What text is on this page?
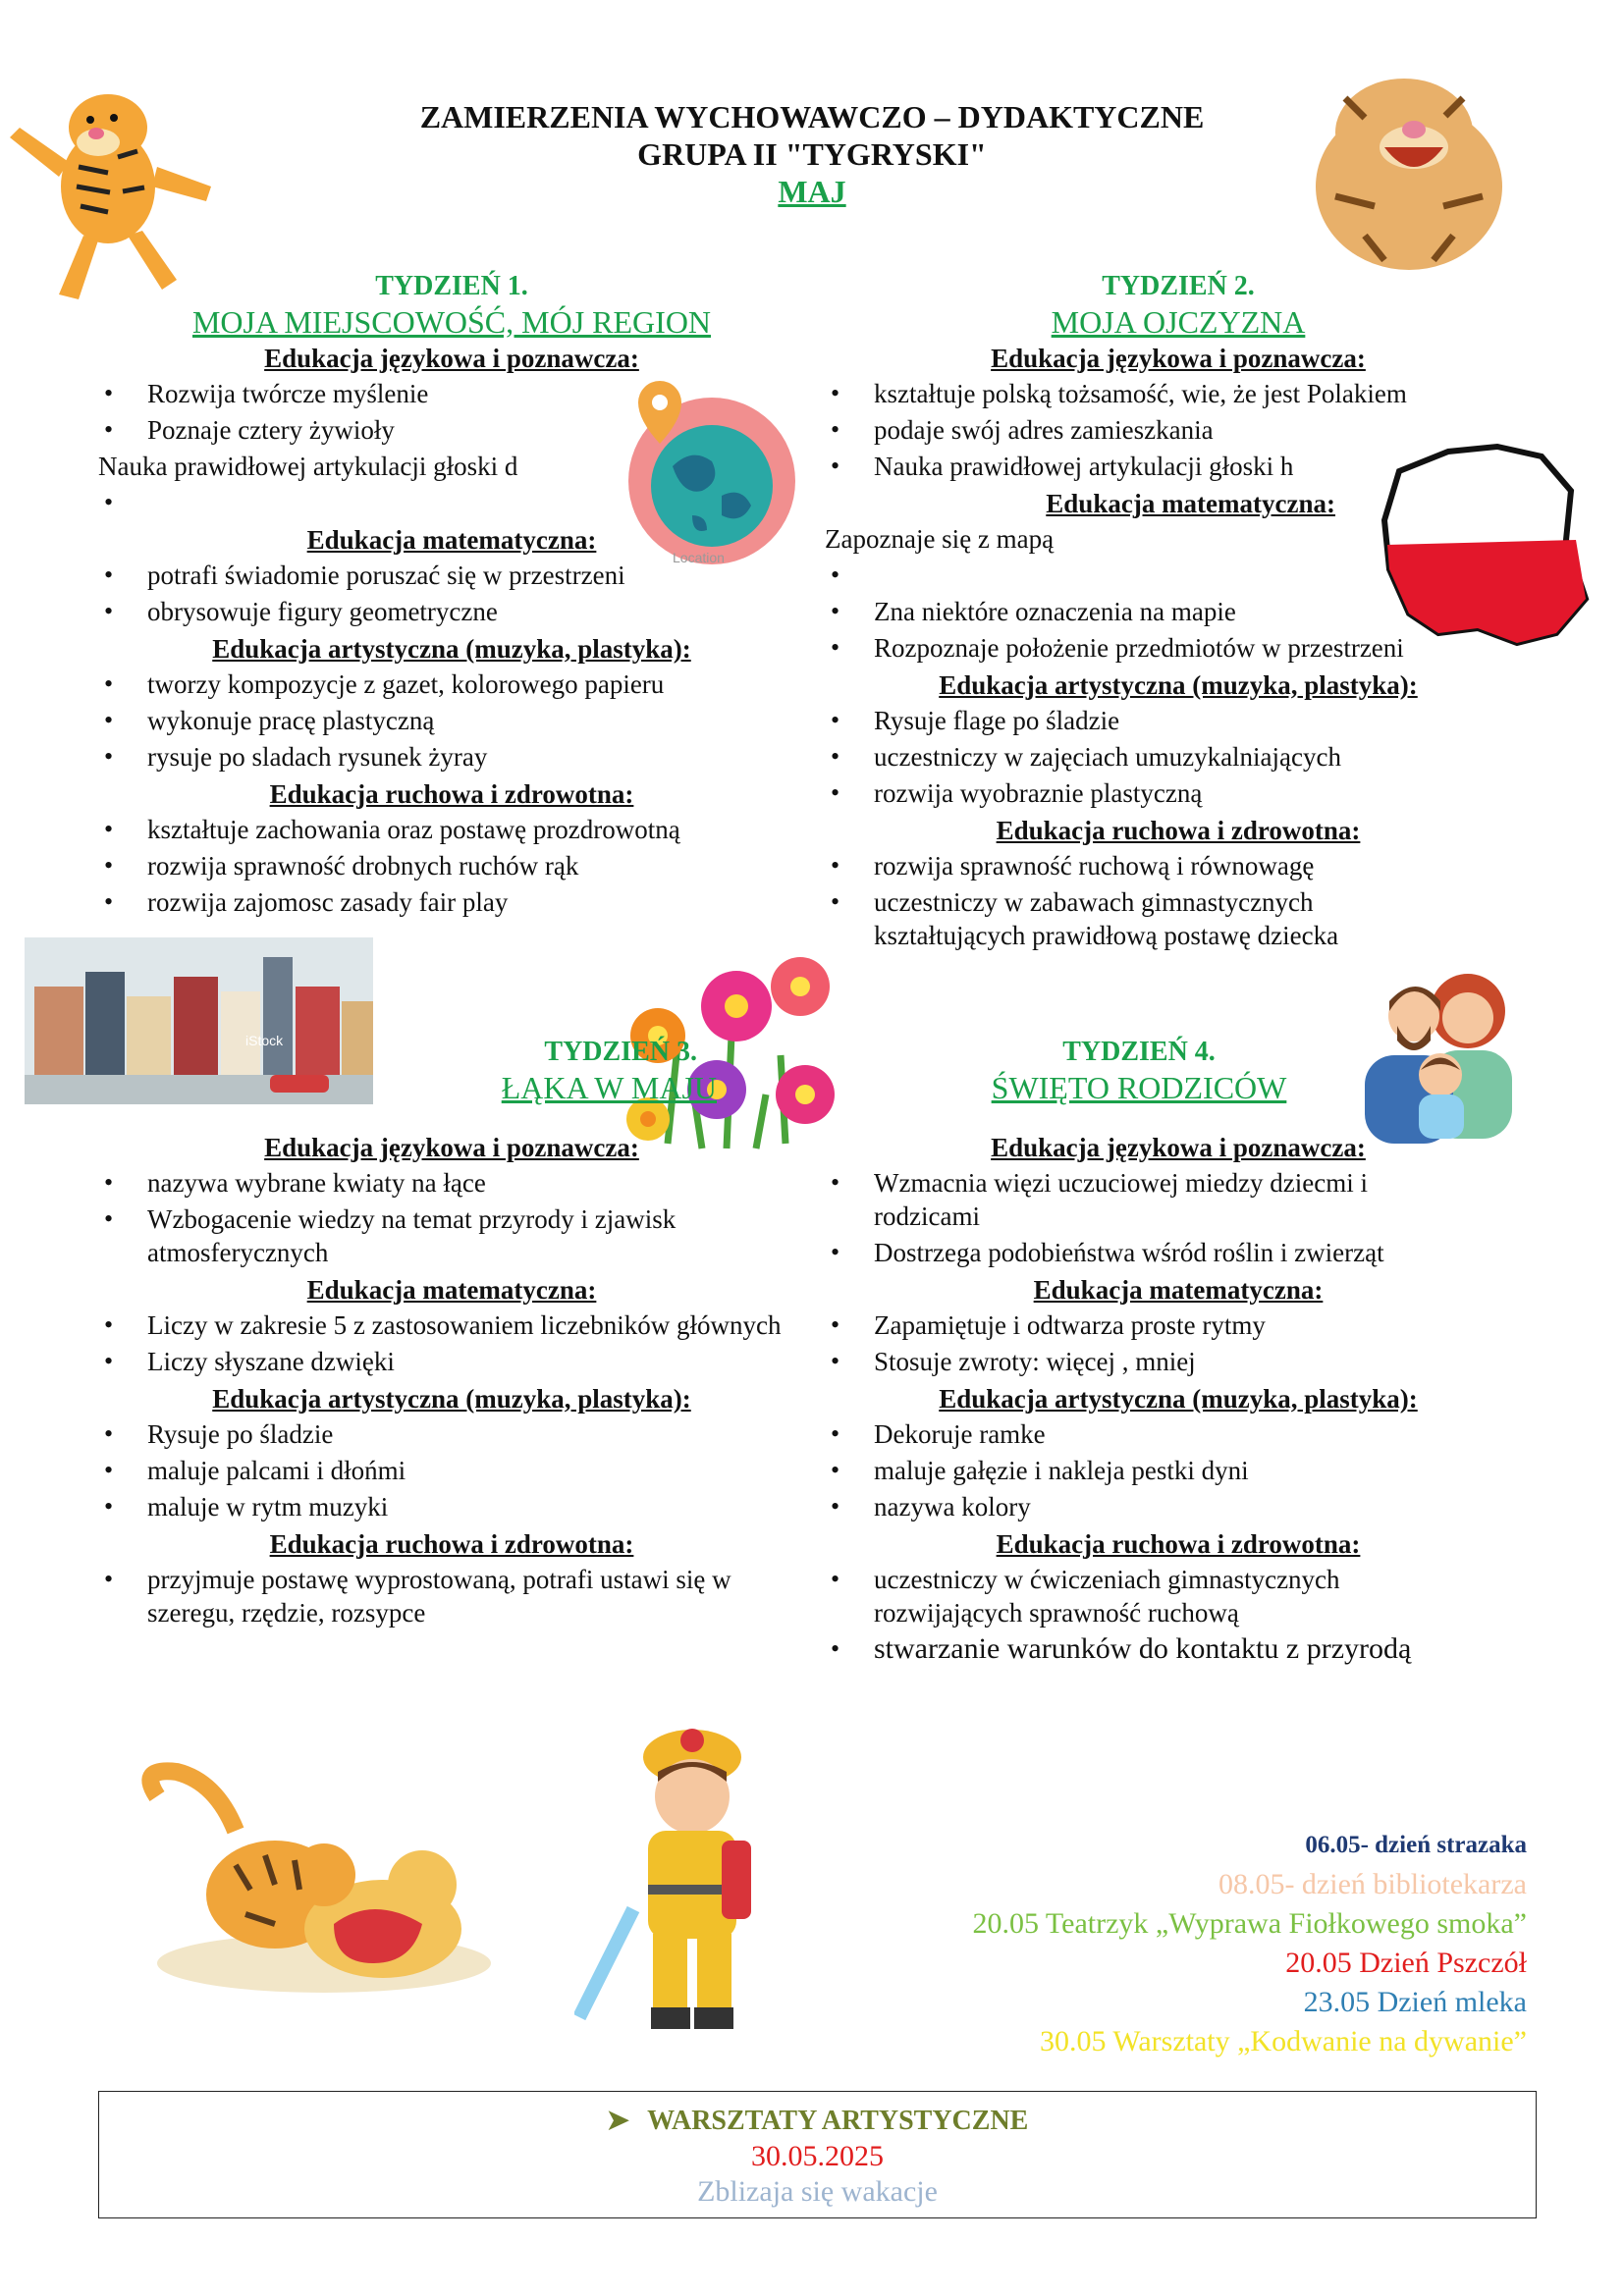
ZAMIERZENIA WYCHOWAWCZO – DYDAKTYCZNE
GRUPA II "TYGRYSKI"
MAJ
TYDZIEŃ 1.
MOJA MIEJSCOWOŚĆ, MÓJ REGION
Edukacja językowa i poznawcza:
• Rozwija twórcze myślenie
• Poznaje cztery żywioły
Nauka prawidłowej artykulacji głoski d
•
Edukacja matematyczna:
• potrafi świadomie poruszać się w przestrzeni
• obrysowuje figury geometryczne
Edukacja artystyczna (muzyka, plastyka):
• tworzy kompozycje z gazet, kolorowego papieru
• wykonuje pracę plastyczną
• rysuje po sladach rysunek żyray
Edukacja ruchowa i zdrowotna:
• kształtuje zachowania oraz postawę prozdrowotną
• rozwija sprawność drobnych ruchów rąk
• rozwija zajomosc zasady fair play
Location
TYDZIEŃ 2.
MOJA OJCZYZNA
Edukacja językowa i poznawcza:
• kształtuje polską tożsamość, wie, że jest Polakiem
• podaje swój adres zamieszkania
• Nauka prawidłowej artykulacji głoski h
Edukacja matematyczna:
Zapoznaje się z mapą
•
• Zna niektóre oznaczenia na mapie
• Rozpoznaje położenie przedmiotów w przestrzeni
Edukacja artystyczna (muzyka, plastyka):
• Rysuje flage po śladzie
• uczestniczy w zajęciach umuzykalniających
• rozwija wyobraznie plastyczną
Edukacja ruchowa i zdrowotna:
• rozwija sprawność ruchową i równowagę
• uczestniczy w zabawach gimnastycznych kształtujących prawidłową postawę dziecka
iStock	TYDZIEŃ 3.
ŁĄKA W MAJU
Edukacja językowa i poznawcza:
• nazywa wybrane kwiaty na łące
• Wzbogacenie wiedzy na temat przyrody i zjawisk atmosferycznych
Edukacja matematyczna:
• Liczy w zakresie 5 z zastosowaniem liczebników głównych
• Liczy słyszane dzwięki
Edukacja artystyczna (muzyka, plastyka):
• Rysuje po śladzie
• maluje palcami i dłońmi
• maluje w rytm muzyki
Edukacja ruchowa i zdrowotna:
• przyjmuje postawę wyprostowaną, potrafi ustawi się w szeregu, rzędzie, rozsypce
TYDZIEŃ 4.
ŚWIĘTO RODZICÓW
Edukacja językowa i poznawcza:
• Wzmacnia więzi uczuciowej miedzy dziecmi i rodzicami
• Dostrzega podobieństwa wśród roślin i zwierząt
Edukacja matematyczna:
• Zapamiętuje i odtwarza proste rytmy
• Stosuje zwroty: więcej , mniej
Edukacja artystyczna (muzyka, plastyka):
• Dekoruje ramke
• maluje gałęzie i nakleja pestki dyni
• nazywa kolory
Edukacja ruchowa i zdrowotna:
• uczestniczy w ćwiczeniach gimnastycznych rozwijających sprawność ruchową
• stwarzanie warunków do kontaktu z przyrodą
06.05- dzień strazaka
08.05- dzień bibliotekarza
20.05 Teatrzyk „Wyprawa Fiołkowego smoka”
20.05 Dzień Pszczół
23.05 Dzień mleka
30.05 Warsztaty „Kodwanie na dywanie”
➤ WARSZTATY ARTYSTYCZNE
30.05.2025
Zblizaja się wakacje
